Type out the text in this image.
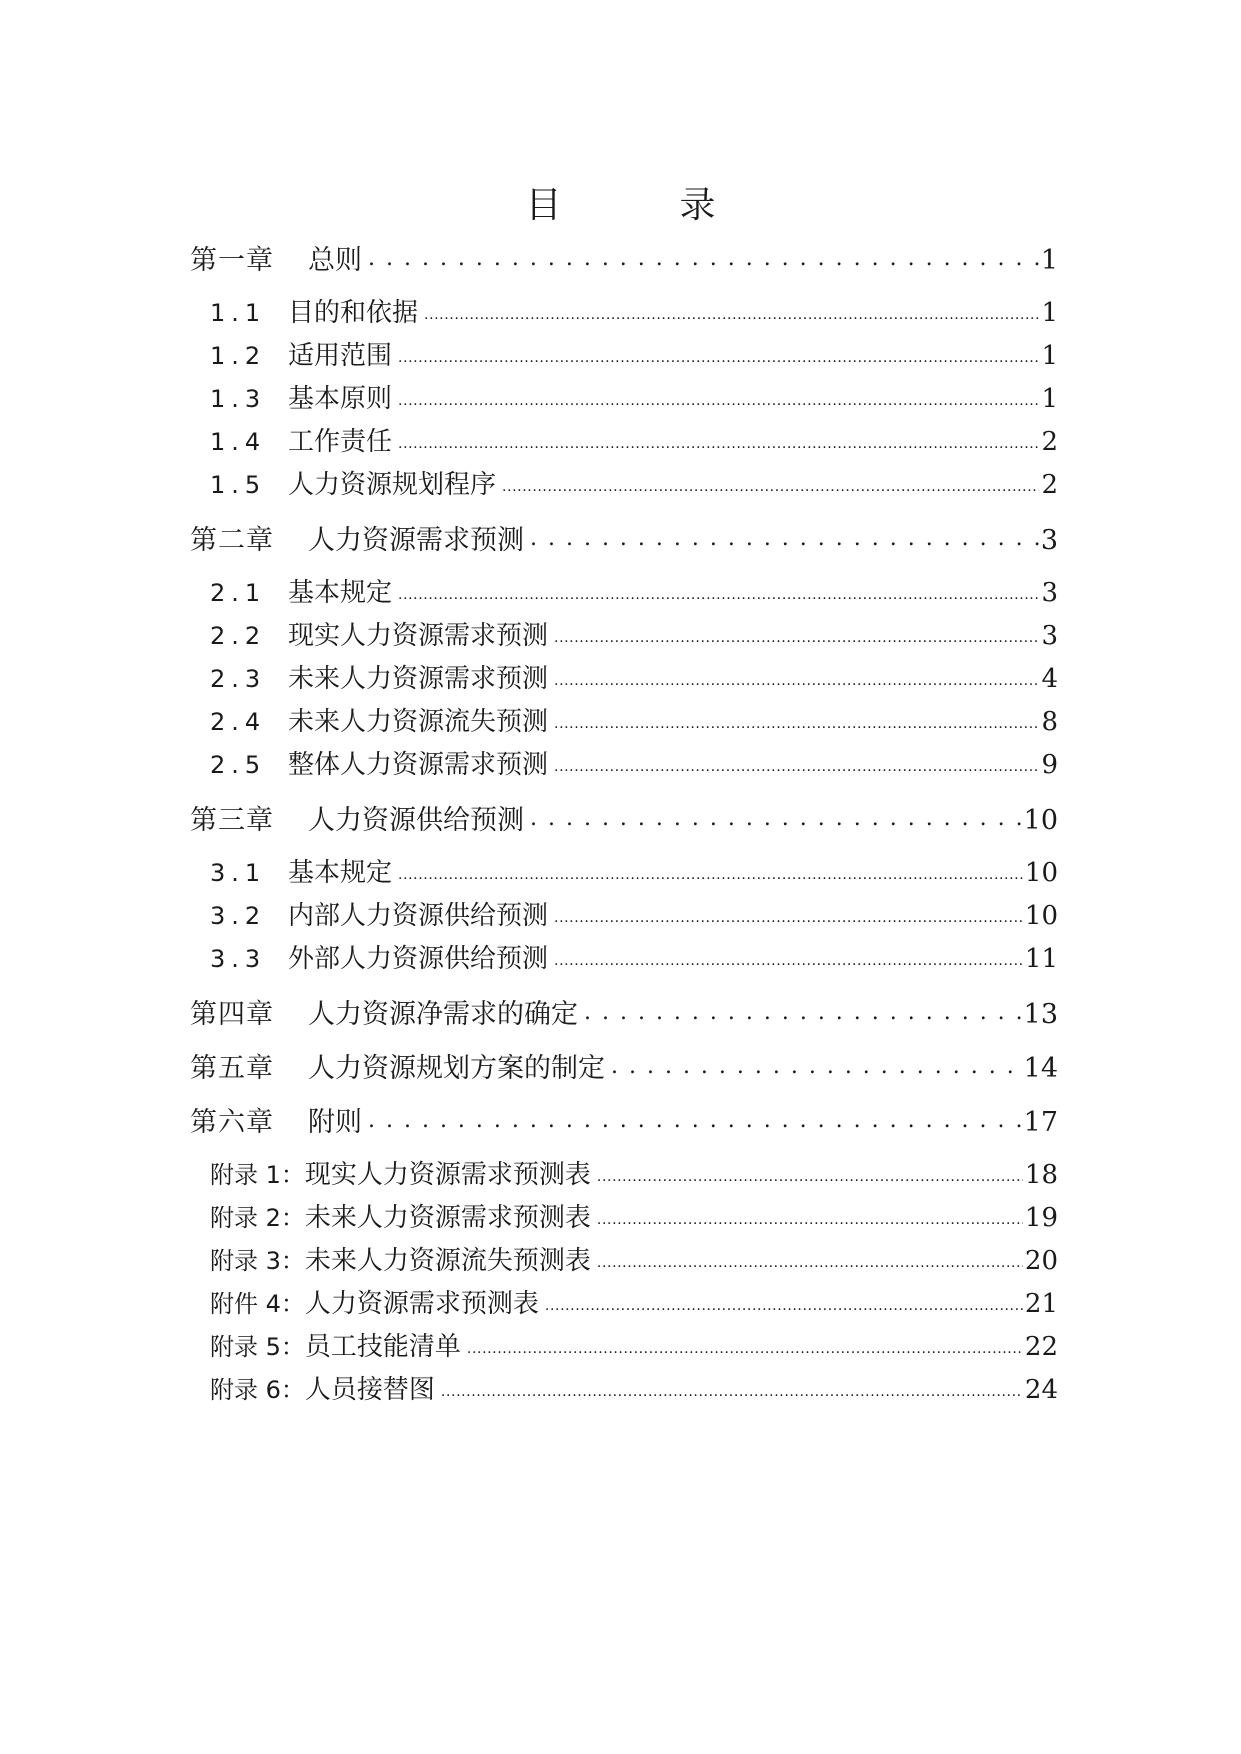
目	录
第一章	总则 . . .	1
1.1 目的和依据 .....	1
1.2 适用范围 .....	1
1.3 基本原则 .....	1
1.4 工作责任 .....	2
1.5 人力资源规划程序 .....	2
第二章	人力资源需求预测 . . .	3
2.1 基本规定 .....	3
2.2 现实人力资源需求预测 .....	3
2.3 未来人力资源需求预测 .....	4
2.4 未来人力资源流失预测 .....	8
2.5 整体人力资源需求预测 .....	9
第三章	人力资源供给预测 . . .	10
3.1 基本规定 .....	10
3.2 内部人力资源供给预测 .....	10
3.3 外部人力资源供给预测 .....	11
第四章	人力资源净需求的确定 . . .	13
第五章	人力资源规划方案的制定 . . .	14
第六章	附则 . . .	17
附录 1： 现实人力资源需求预测表 .....	18
附录 2： 未来人力资源需求预测表 .....	19
附录 3： 未来人力资源流失预测表 .....	20
附件 4： 人力资源需求预测表 .....	21
附录 5： 员工技能清单 .....	22
附录 6： 人员接替图 .....	24
